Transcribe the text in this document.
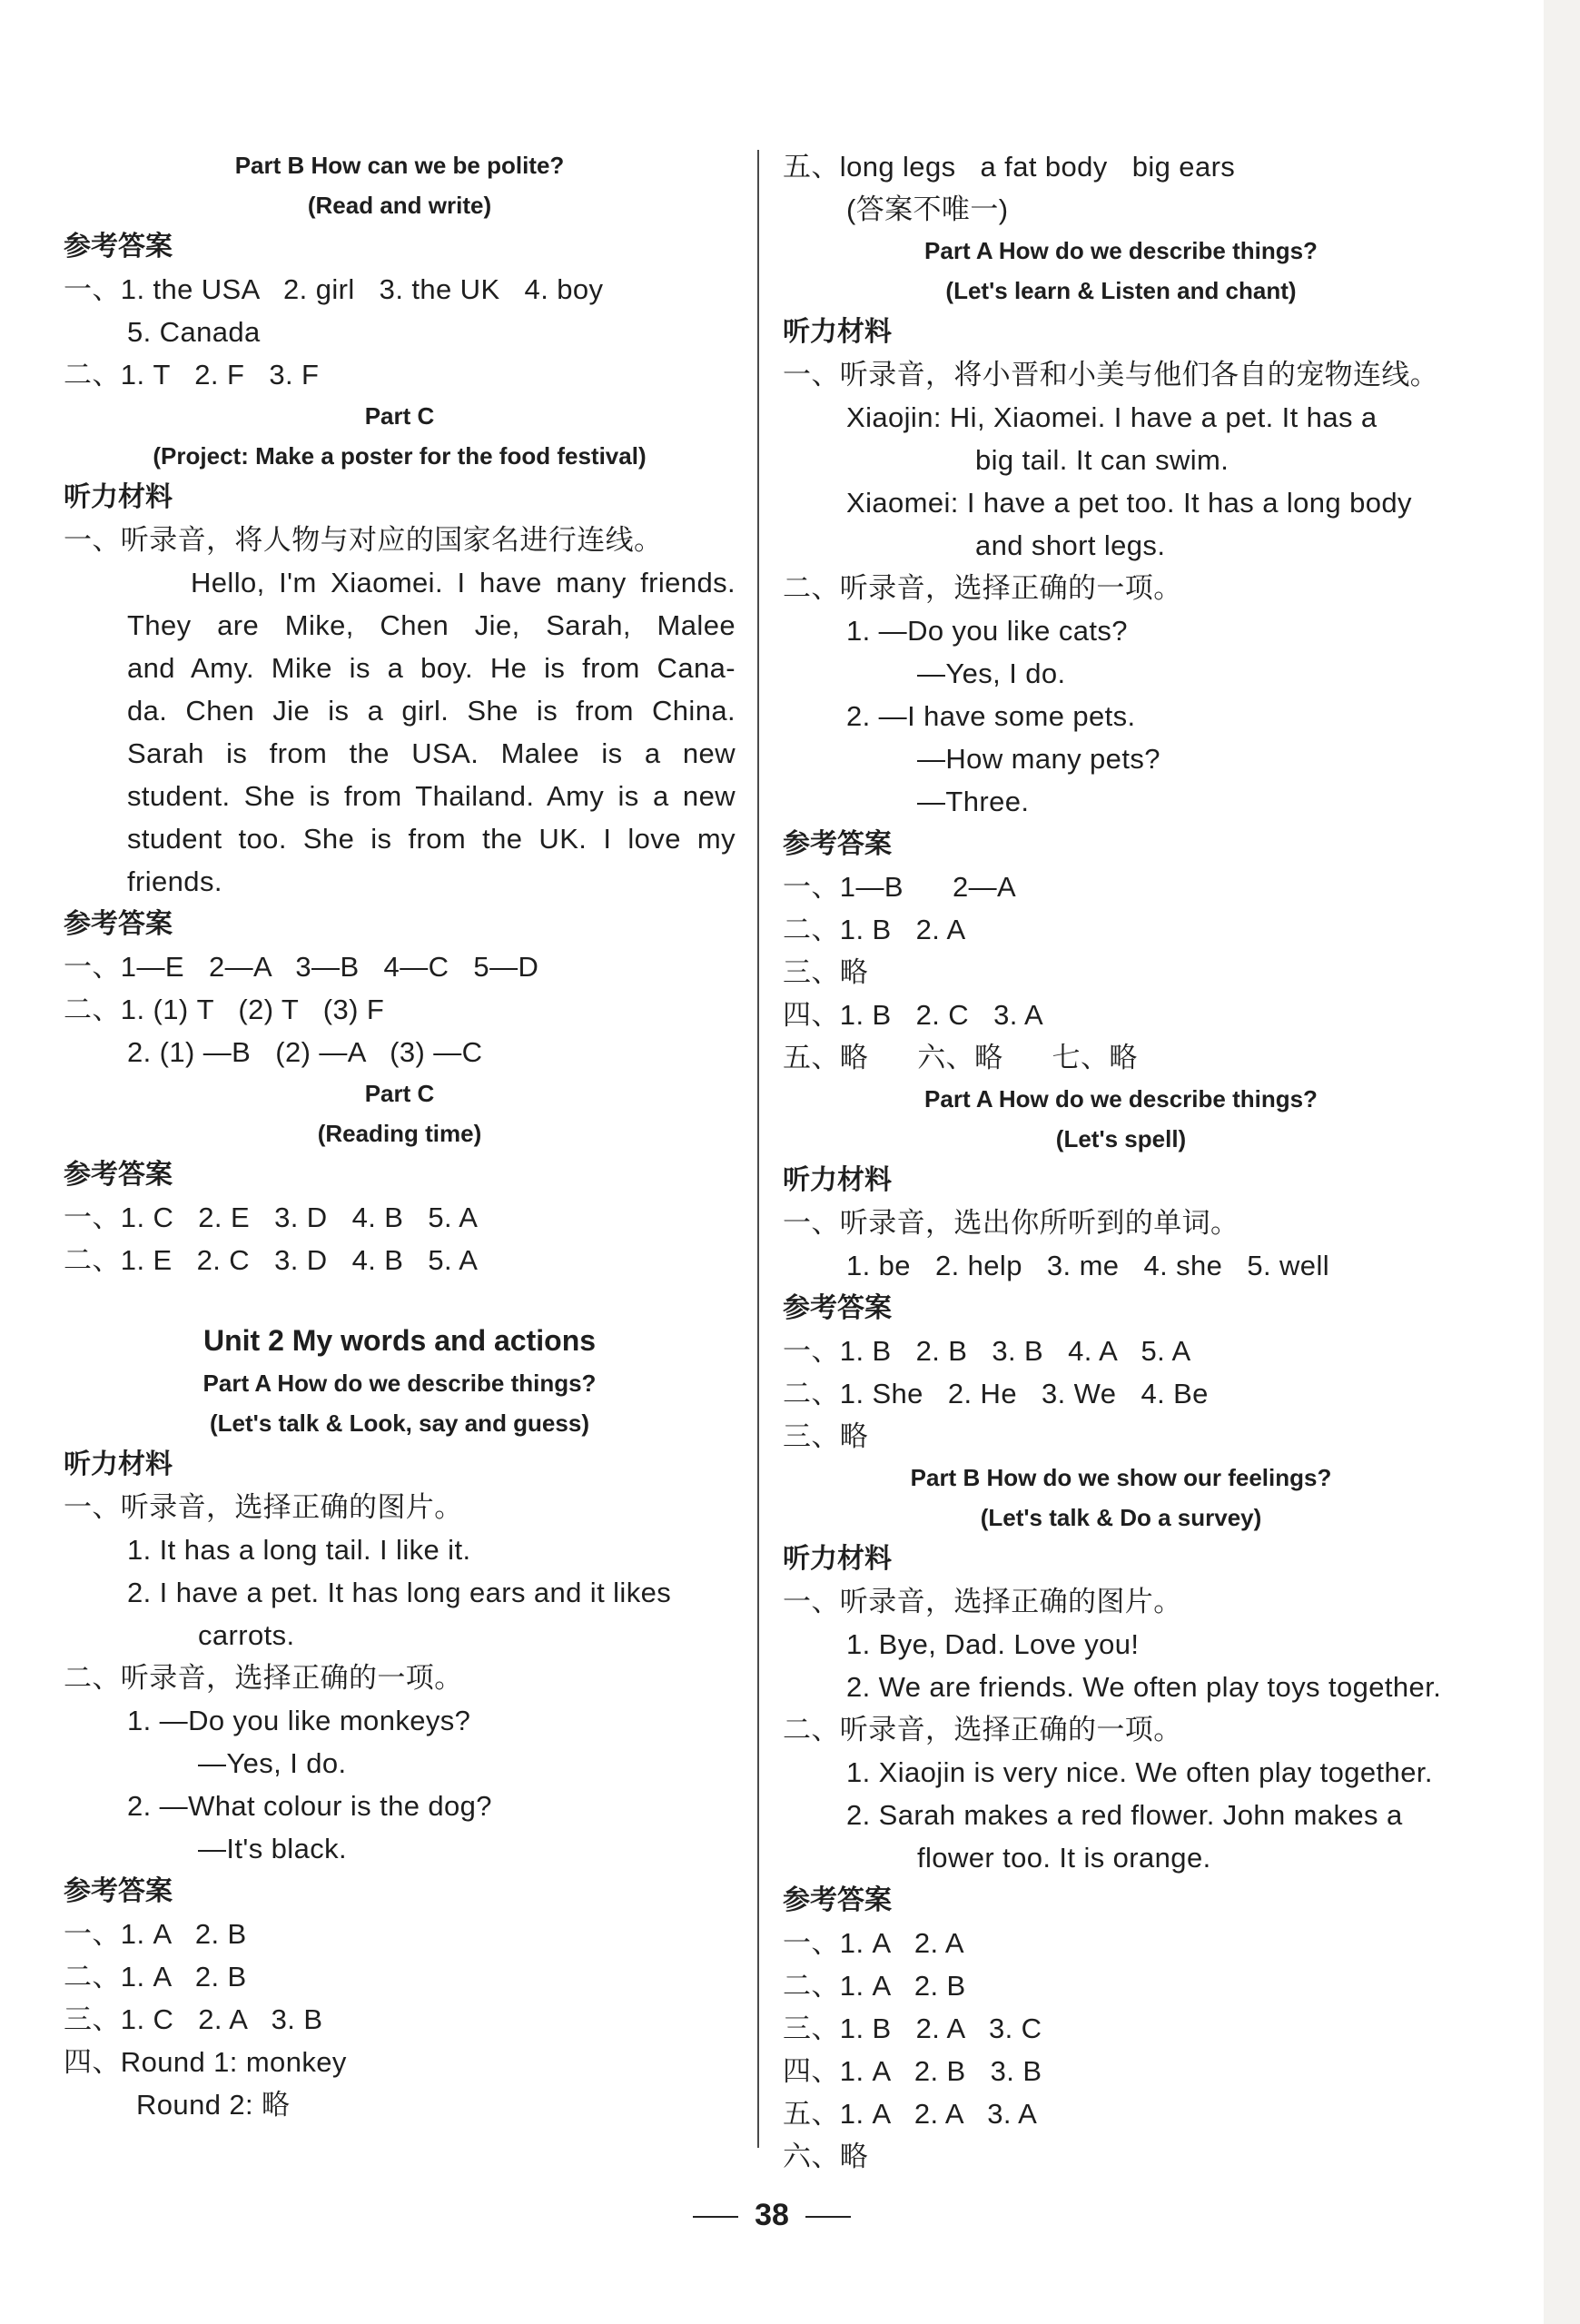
Part B How can we be polite?
(Read and write)
参考答案
一、1. the USA   2. girl   3. the UK   4. boy
5. Canada
二、1. T   2. F   3. F
Part C
(Project: Make a poster for the food festival)
听力材料
一、听录音，将人物与对应的国家名进行连线。
Hello, I'm Xiaomei. I have many friends.
They are Mike, Chen Jie, Sarah, Malee
and Amy. Mike is a boy. He is from Cana-
da. Chen Jie is a girl. She is from China.
Sarah is from the USA. Malee is a new
student. She is from Thailand. Amy is a new
student too. She is from the UK. I love my
friends.
参考答案
一、1—E   2—A   3—B   4—C   5—D
二、1. (1) T   (2) T   (3) F
2. (1) —B   (2) —A   (3) —C
Part C
(Reading time)
参考答案
一、1. C   2. E   3. D   4. B   5. A
二、1. E   2. C   3. D   4. B   5. A
Unit 2 My words and actions
Part A How do we describe things?
(Let's talk & Look, say and guess)
听力材料
一、听录音，选择正确的图片。
1. It has a long tail. I like it.
2. I have a pet. It has long ears and it likes
carrots.
二、听录音，选择正确的一项。
1. —Do you like monkeys?
—Yes, I do.
2. —What colour is the dog?
—It's black.
参考答案
一、1. A   2. B
二、1. A   2. B
三、1. C   2. A   3. B
四、Round 1: monkey
Round 2: 略
五、long legs   a fat body   big ears
(答案不唯一)
Part A How do we describe things?
(Let's learn & Listen and chant)
听力材料
一、听录音，将小晋和小美与他们各自的宠物连线。
Xiaojin: Hi, Xiaomei. I have a pet. It has a
big tail. It can swim.
Xiaomei: I have a pet too. It has a long body
and short legs.
二、听录音，选择正确的一项。
1. —Do you like cats?
—Yes, I do.
2. —I have some pets.
—How many pets?
—Three.
参考答案
一、1—B      2—A
二、1. B   2. A
三、略
四、1. B   2. C   3. A
五、略      六、略      七、略
Part A How do we describe things?
(Let's spell)
听力材料
一、听录音，选出你所听到的单词。
1. be   2. help   3. me   4. she   5. well
参考答案
一、1. B   2. B   3. B   4. A   5. A
二、1. She   2. He   3. We   4. Be
三、略
Part B How do we show our feelings?
(Let's talk & Do a survey)
听力材料
一、听录音，选择正确的图片。
1. Bye, Dad. Love you!
2. We are friends. We often play toys together.
二、听录音，选择正确的一项。
1. Xiaojin is very nice. We often play together.
2. Sarah makes a red flower. John makes a
flower too. It is orange.
参考答案
一、1. A   2. A
二、1. A   2. B
三、1. B   2. A   3. C
四、1. A   2. B   3. B
五、1. A   2. A   3. A
六、略
38
